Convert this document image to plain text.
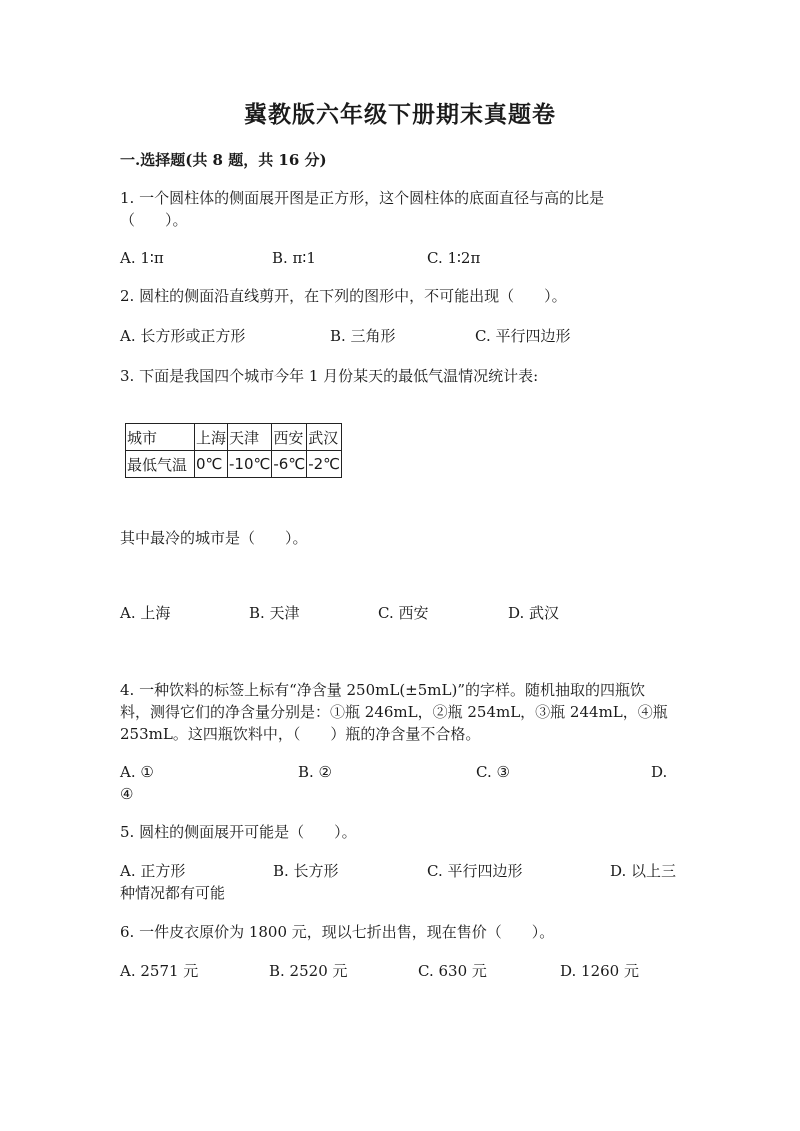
冀教版六年级下册期末真题卷
一.选择题(共 8 题，共 16 分)
1. 一个圆柱体的侧面展开图是正方形，这个圆柱体的底面直径与高的比是
（　　）。
A. 1∶π	B. π∶1	C. 1∶2π
2. 圆柱的侧面沿直线剪开，在下列的图形中，不可能出现（　　）。
A. 长方形或正方形	B. 三角形	C. 平行四边形
3. 下面是我国四个城市今年 1 月份某天的最低气温情况统计表:
城市	上海	天津	西安	武汉
最低气温	0℃	-10℃	-6℃	-2℃
其中最冷的城市是（　　）。
A. 上海	B. 天津	C. 西安	D. 武汉
4. 一种饮料的标签上标有“净含量 250mL(±5mL)”的字样。随机抽取的四瓶饮
料，测得它们的净含量分别是：①瓶 246mL，②瓶 254mL，③瓶 244mL，④瓶
253mL。这四瓶饮料中，（　　）瓶的净含量不合格。
A. ①	B. ②	C. ③	D.
④
5. 圆柱的侧面展开可能是（　　）。
A. 正方形	B. 长方形	C. 平行四边形	D. 以上三
种情况都有可能
6. 一件皮衣原价为 1800 元，现以七折出售，现在售价（　　）。
A. 2571 元	B. 2520 元	C. 630 元	D. 1260 元
